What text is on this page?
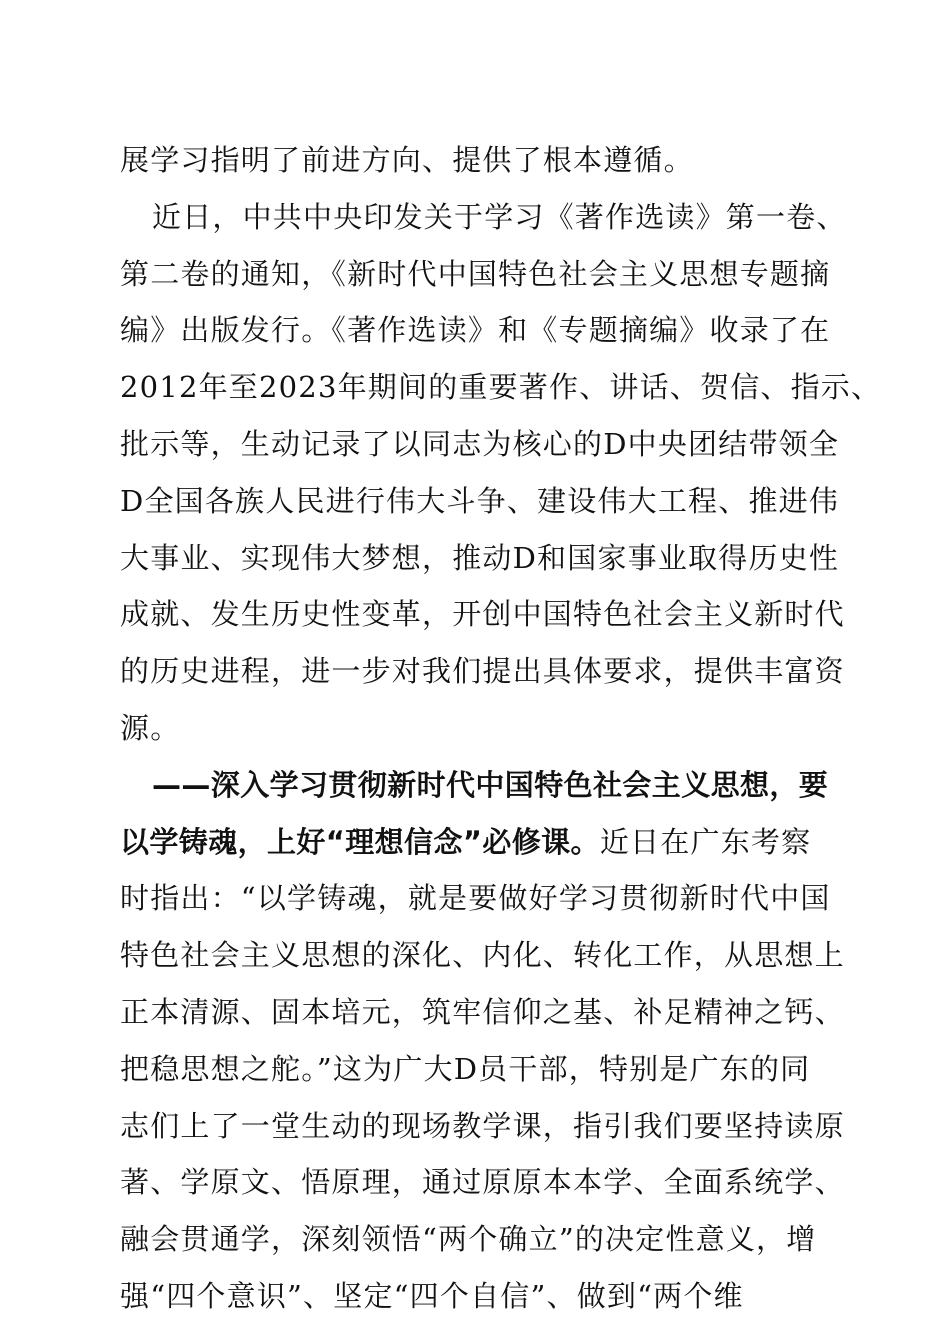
展学习指明了前进方向、提供了根本遵循。
近日，中共中央印发关于学习《著作选读》第一卷、
第二卷的通知，《新时代中国特色社会主义思想专题摘
编》出版发行。《著作选读》和《专题摘编》收录了在
2012年至2023年期间的重要著作、讲话、贺信、指示、
批示等，生动记录了以同志为核心的D中央团结带领全
D全国各族人民进行伟大斗争、建设伟大工程、推进伟
大事业、实现伟大梦想，推动D和国家事业取得历史性
成就、发生历史性变革，开创中国特色社会主义新时代
的历史进程，进一步对我们提出具体要求，提供丰富资
源。
——深入学习贯彻新时代中国特色社会主义思想，要
以学铸魂，上好“理想信念”必修课。近日在广东考察
时指出：“以学铸魂，就是要做好学习贯彻新时代中国
特色社会主义思想的深化、内化、转化工作，从思想上
正本清源、固本培元，筑牢信仰之基、补足精神之钙、
把稳思想之舵。”这为广大D员干部，特别是广东的同
志们上了一堂生动的现场教学课，指引我们要坚持读原
著、学原文、悟原理，通过原原本本学、全面系统学、
融会贯通学，深刻领悟“两个确立”的决定性意义，增
强“四个意识”、坚定“四个自信”、做到“两个维
